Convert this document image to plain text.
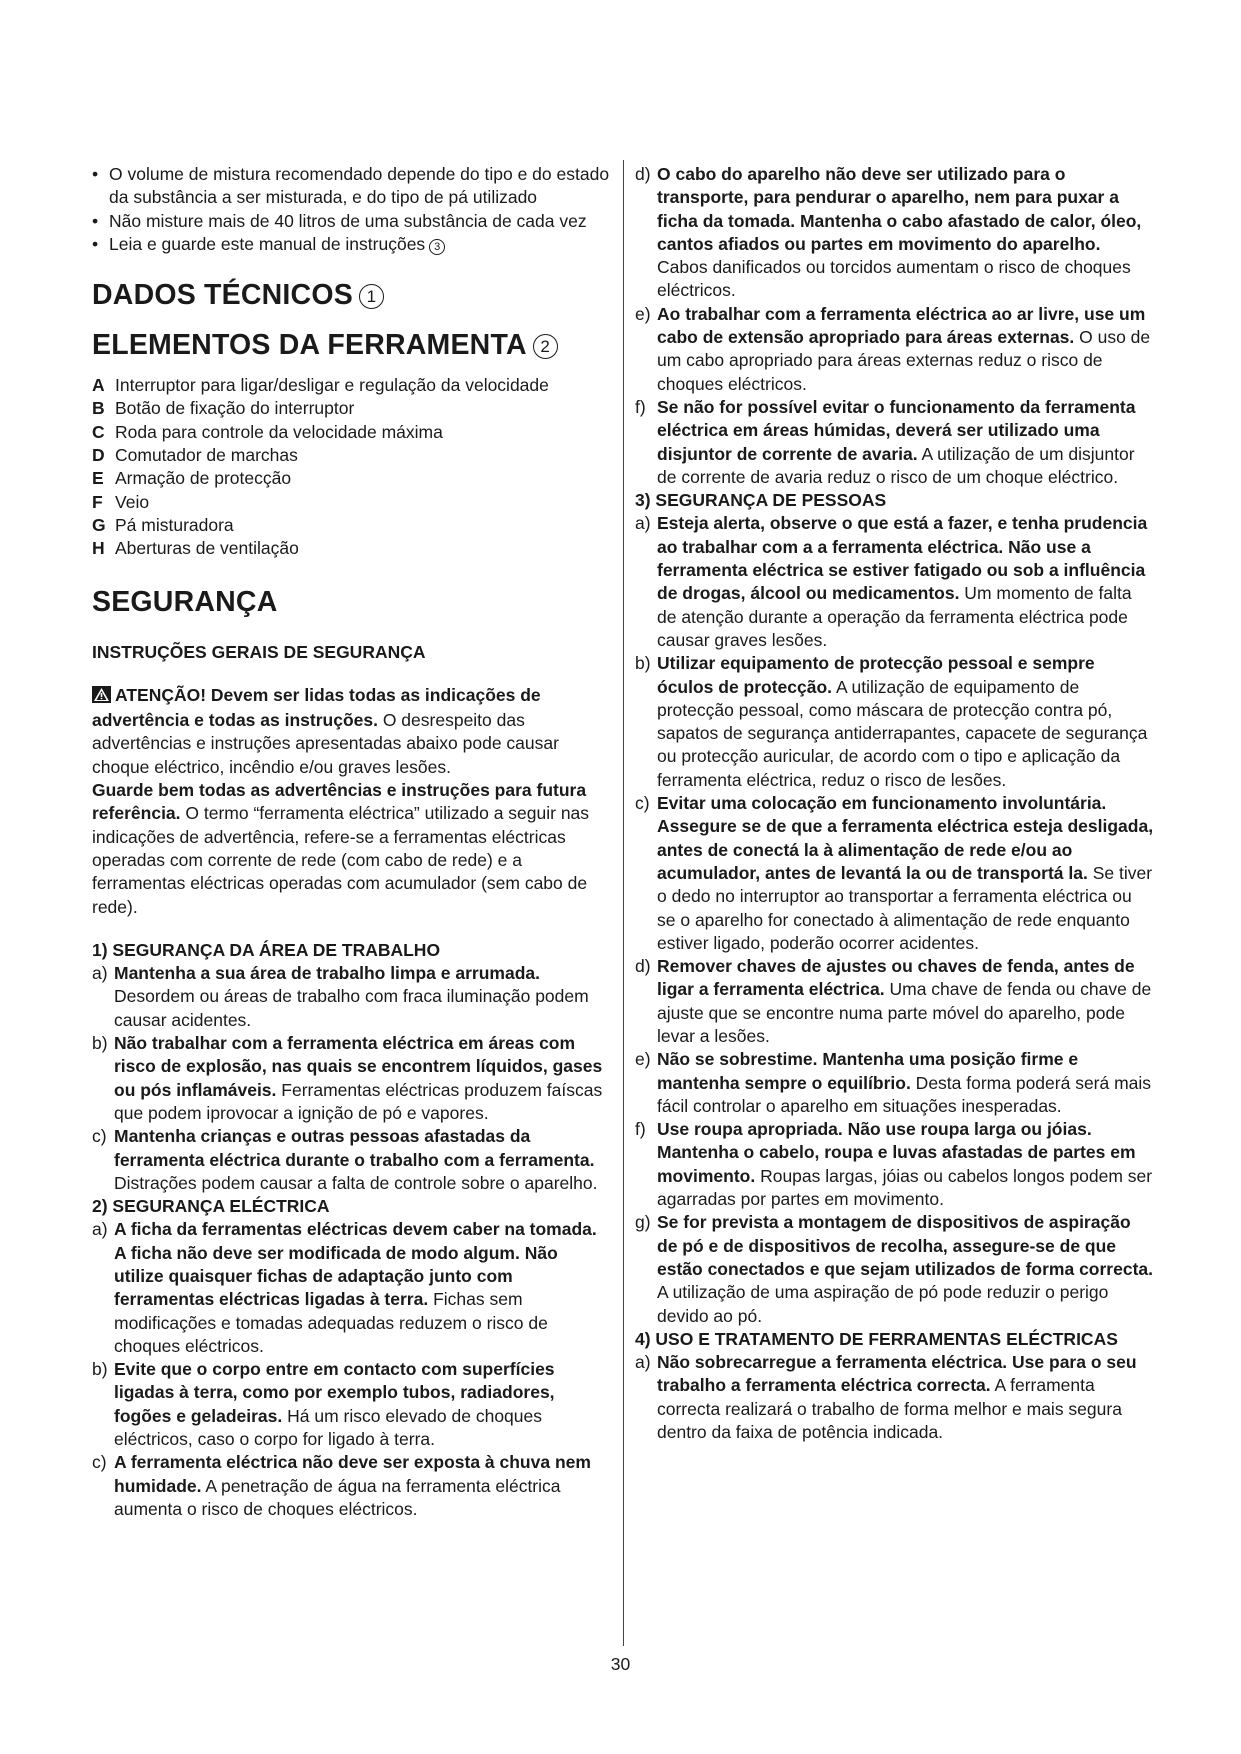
• O volume de mistura recomendado depende do tipo e do estado da substância a ser misturada, e do tipo de pá utilizado
• Não misture mais de 40 litros de uma substância de cada vez
• Leia e guarde este manual de instruções 3
DADOS TÉCNICOS 1
ELEMENTOS DA FERRAMENTA 2
A Interruptor para ligar/desligar e regulação da velocidade
B Botão de fixação do interruptor
C Roda para controle da velocidade máxima
D Comutador de marchas
E Armação de protecção
F Veio
G Pá misturadora
H Aberturas de ventilação
SEGURANÇA

INSTRUÇÕES GERAIS DE SEGURANÇA

ATENÇÃO! Devem ser lidas todas as indicações de advertência e todas as instruções. O desrespeito das advertências e instruções apresentadas abaixo pode causar choque eléctrico, incêndio e/ou graves lesões.
Guarde bem todas as advertências e instruções para futura referência. O termo “ferramenta eléctrica” utilizado a seguir nas indicações de advertência, refere-se a ferramentas eléctricas operadas com corrente de rede (com cabo de rede) e a ferramentas eléctricas operadas com acumulador (sem cabo de rede).

1) SEGURANÇA DA ÁREA DE TRABALHO

a) Mantenha a sua área de trabalho limpa e arrumada. Desordem ou áreas de trabalho com fraca iluminação podem causar acidentes.
b) Não trabalhar com a ferramenta eléctrica em áreas com risco de explosão, nas quais se encontrem líquidos, gases ou pós inflamáveis. Ferramentas eléctricas produzem faíscas que podem iprovocar a ignição de pó e vapores.
c) Mantenha crianças e outras pessoas afastadas da ferramenta eléctrica durante o trabalho com a ferramenta. Distrações podem causar a falta de controle sobre o aparelho.

2) SEGURANÇA ELÉCTRICA

a) A ficha da ferramentas eléctricas devem caber na tomada. A ficha não deve ser modificada de modo algum. Não utilize quaisquer fichas de adaptação junto com ferramentas eléctricas ligadas à terra. Fichas sem modificações e tomadas adequadas reduzem o risco de choques eléctricos.
b) Evite que o corpo entre em contacto com superfícies ligadas à terra, como por exemplo tubos, radiadores, fogões e geladeiras. Há um risco elevado de choques eléctricos, caso o corpo for ligado à terra.
c) A ferramenta eléctrica não deve ser exposta à chuva nem humidade. A penetração de água na ferramenta eléctrica aumenta o risco de choques eléctricos.
d) O cabo do aparelho não deve ser utilizado para o transporte, para pendurar o aparelho, nem para puxar a ficha da tomada. Mantenha o cabo afastado de calor, óleo, cantos afiados ou partes em movimento do aparelho. Cabos danificados ou torcidos aumentam o risco de choques eléctricos.
e) Ao trabalhar com a ferramenta eléctrica ao ar livre, use um cabo de extensão apropriado para áreas externas. O uso de um cabo apropriado para áreas externas reduz o risco de choques eléctricos.
f) Se não for possível evitar o funcionamento da ferramenta eléctrica em áreas húmidas, deverá ser utilizado uma disjuntor de corrente de avaria. A utilização de um disjuntor de corrente de avaria reduz o risco de um choque eléctrico.

3) SEGURANÇA DE PESSOAS

a) Esteja alerta, observe o que está a fazer, e tenha prudencia ao trabalhar com a a ferramenta eléctrica. Não use a ferramenta eléctrica se estiver fatigado ou sob a influência de drogas, álcool ou medicamentos. Um momento de falta de atenção durante a operação da ferramenta eléctrica pode causar graves lesões.
b) Utilizar equipamento de protecção pessoal e sempre óculos de protecção. A utilização de equipamento de protecção pessoal, como máscara de protecção contra pó, sapatos de segurança antiderrapantes, capacete de segurança ou protecção auricular, de acordo com o tipo e aplicação da ferramenta eléctrica, reduz o risco de lesões.
c) Evitar uma colocação em funcionamento involuntária. Assegure se de que a ferramenta eléctrica esteja desligada, antes de conectá la à alimentação de rede e/ou ao acumulador, antes de levantá la ou de transportá la. Se tiver o dedo no interruptor ao transportar a ferramenta eléctrica ou se o aparelho for conectado à alimentação de rede enquanto estiver ligado, poderão ocorrer acidentes.
d) Remover chaves de ajustes ou chaves de fenda, antes de ligar a ferramenta eléctrica. Uma chave de fenda ou chave de ajuste que se encontre numa parte móvel do aparelho, pode levar a lesões.
e) Não se sobrestime. Mantenha uma posição firme e mantenha sempre o equilíbrio. Desta forma poderá será mais fácil controlar o aparelho em situações inesperadas.
f) Use roupa apropriada. Não use roupa larga ou jóias. Mantenha o cabelo, roupa e luvas afastadas de partes em movimento. Roupas largas, jóias ou cabelos longos podem ser agarradas por partes em movimento.
g) Se for prevista a montagem de dispositivos de aspiração de pó e de dispositivos de recolha, assegure-se de que estão conectados e que sejam utilizados de forma correcta. A utilização de uma aspiração de pó pode reduzir o perigo devido ao pó.

4) USO E TRATAMENTO DE FERRAMENTAS ELÉCTRICAS

a) Não sobrecarregue a ferramenta eléctrica. Use para o seu trabalho a ferramenta eléctrica correcta. A ferramenta correcta realizará o trabalho de forma melhor e mais segura dentro da faixa de potência indicada.
30
